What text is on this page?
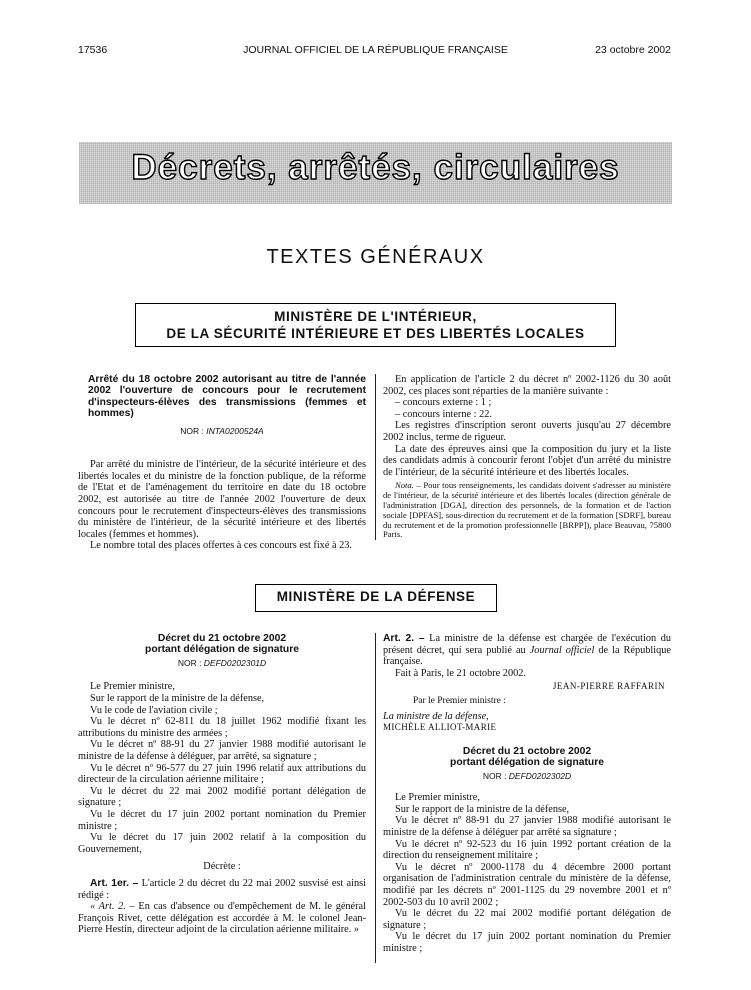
17536	JOURNAL OFFICIEL DE LA RÉPUBLIQUE FRANÇAISE	23 octobre 2002
Décrets, arrêtés, circulaires
TEXTES GÉNÉRAUX
MINISTÈRE DE L'INTÉRIEUR,
DE LA SÉCURITÉ INTÉRIEURE ET DES LIBERTÉS LOCALES
Arrêté du 18 octobre 2002 autorisant au titre de l'année 2002 l'ouverture de concours pour le recrutement d'inspecteurs-élèves des transmissions (femmes et hommes)
NOR : INTA0200524A

Par arrêté du ministre de l'intérieur, de la sécurité intérieure et des libertés locales et du ministre de la fonction publique, de la réforme de l'Etat et de l'aménagement du territoire en date du 18 octobre 2002, est autorisée au titre de l'année 2002 l'ouverture de deux concours pour le recrutement d'inspecteurs-élèves des transmissions du ministère de l'intérieur, de la sécurité intérieure et des libertés locales (femmes et hommes).

Le nombre total des places offertes à ces concours est fixé à 23.

En application de l'article 2 du décret nº 2002-1126 du 30 août 2002, ces places sont réparties de la manière suivante :

– concours externe : 1 ;

– concours interne : 22.

Les registres d'inscription seront ouverts jusqu'au 27 décembre 2002 inclus, terme de rigueur.

La date des épreuves ainsi que la composition du jury et la liste des candidats admis à concourir feront l'objet d'un arrêté du ministre de l'intérieur, de la sécurité intérieure et des libertés locales.

Nota. – Pour tous renseignements, les candidats doivent s'adresser au ministère de l'intérieur, de la sécurité intérieure et des libertés locales (direction générale de l'administration [DGA], direction des personnels, de la formation et de l'action sociale [DPFAS], sous-direction du recrutement et de la formation [SDRF], bureau du recrutement et de la promotion professionnelle [BRPP]), place Beauvau, 75800 Paris.

MINISTÈRE DE LA DÉFENSE
Décret du 21 octobre 2002
portant délégation de signature
NOR : DEFD0202301D

Le Premier ministre,

Sur le rapport de la ministre de la défense,

Vu le code de l'aviation civile ;

Vu le décret nº 62-811 du 18 juillet 1962 modifié fixant les attributions du ministre des armées ;

Vu le décret nº 88-91 du 27 janvier 1988 modifié autorisant le ministre de la défense à déléguer, par arrêté, sa signature ;

Vu le décret nº 96-577 du 27 juin 1996 relatif aux attributions du directeur de la circulation aérienne militaire ;

Vu le décret du 22 mai 2002 modifié portant délégation de signature ;

Vu le décret du 17 juin 2002 portant nomination du Premier ministre ;

Vu le décret du 17 juin 2002 relatif à la composition du Gouvernement,

Décrète :

Art. 1er. – L'article 2 du décret du 22 mai 2002 susvisé est ainsi rédigé :

« Art. 2. – En cas d'absence ou d'empêchement de M. le général François Rivet, cette délégation est accordée à M. le colonel Jean-Pierre Hestin, directeur adjoint de la circulation aérienne militaire. »

Art. 2. – La ministre de la défense est chargée de l'exécution du présent décret, qui sera publié au Journal officiel de la République française.

Fait à Paris, le 21 octobre 2002.

JEAN-PIERRE RAFFARIN
Par le Premier ministre :
La ministre de la défense,
MICHÈLE ALLIOT-MARIE
Décret du 21 octobre 2002
portant délégation de signature
NOR : DEFD0202302D

Le Premier ministre,

Sur le rapport de la ministre de la défense,

Vu le décret nº 88-91 du 27 janvier 1988 modifié autorisant le ministre de la défense à déléguer par arrêté sa signature ;

Vu le décret nº 92-523 du 16 juin 1992 portant création de la direction du renseignement militaire ;

Vu le décret nº 2000-1178 du 4 décembre 2000 portant organisation de l'administration centrale du ministère de la défense, modifié par les décrets nº 2001-1125 du 29 novembre 2001 et nº 2002-503 du 10 avril 2002 ;

Vu le décret du 22 mai 2002 modifié portant délégation de signature ;

Vu le décret du 17 juin 2002 portant nomination du Premier ministre ;
